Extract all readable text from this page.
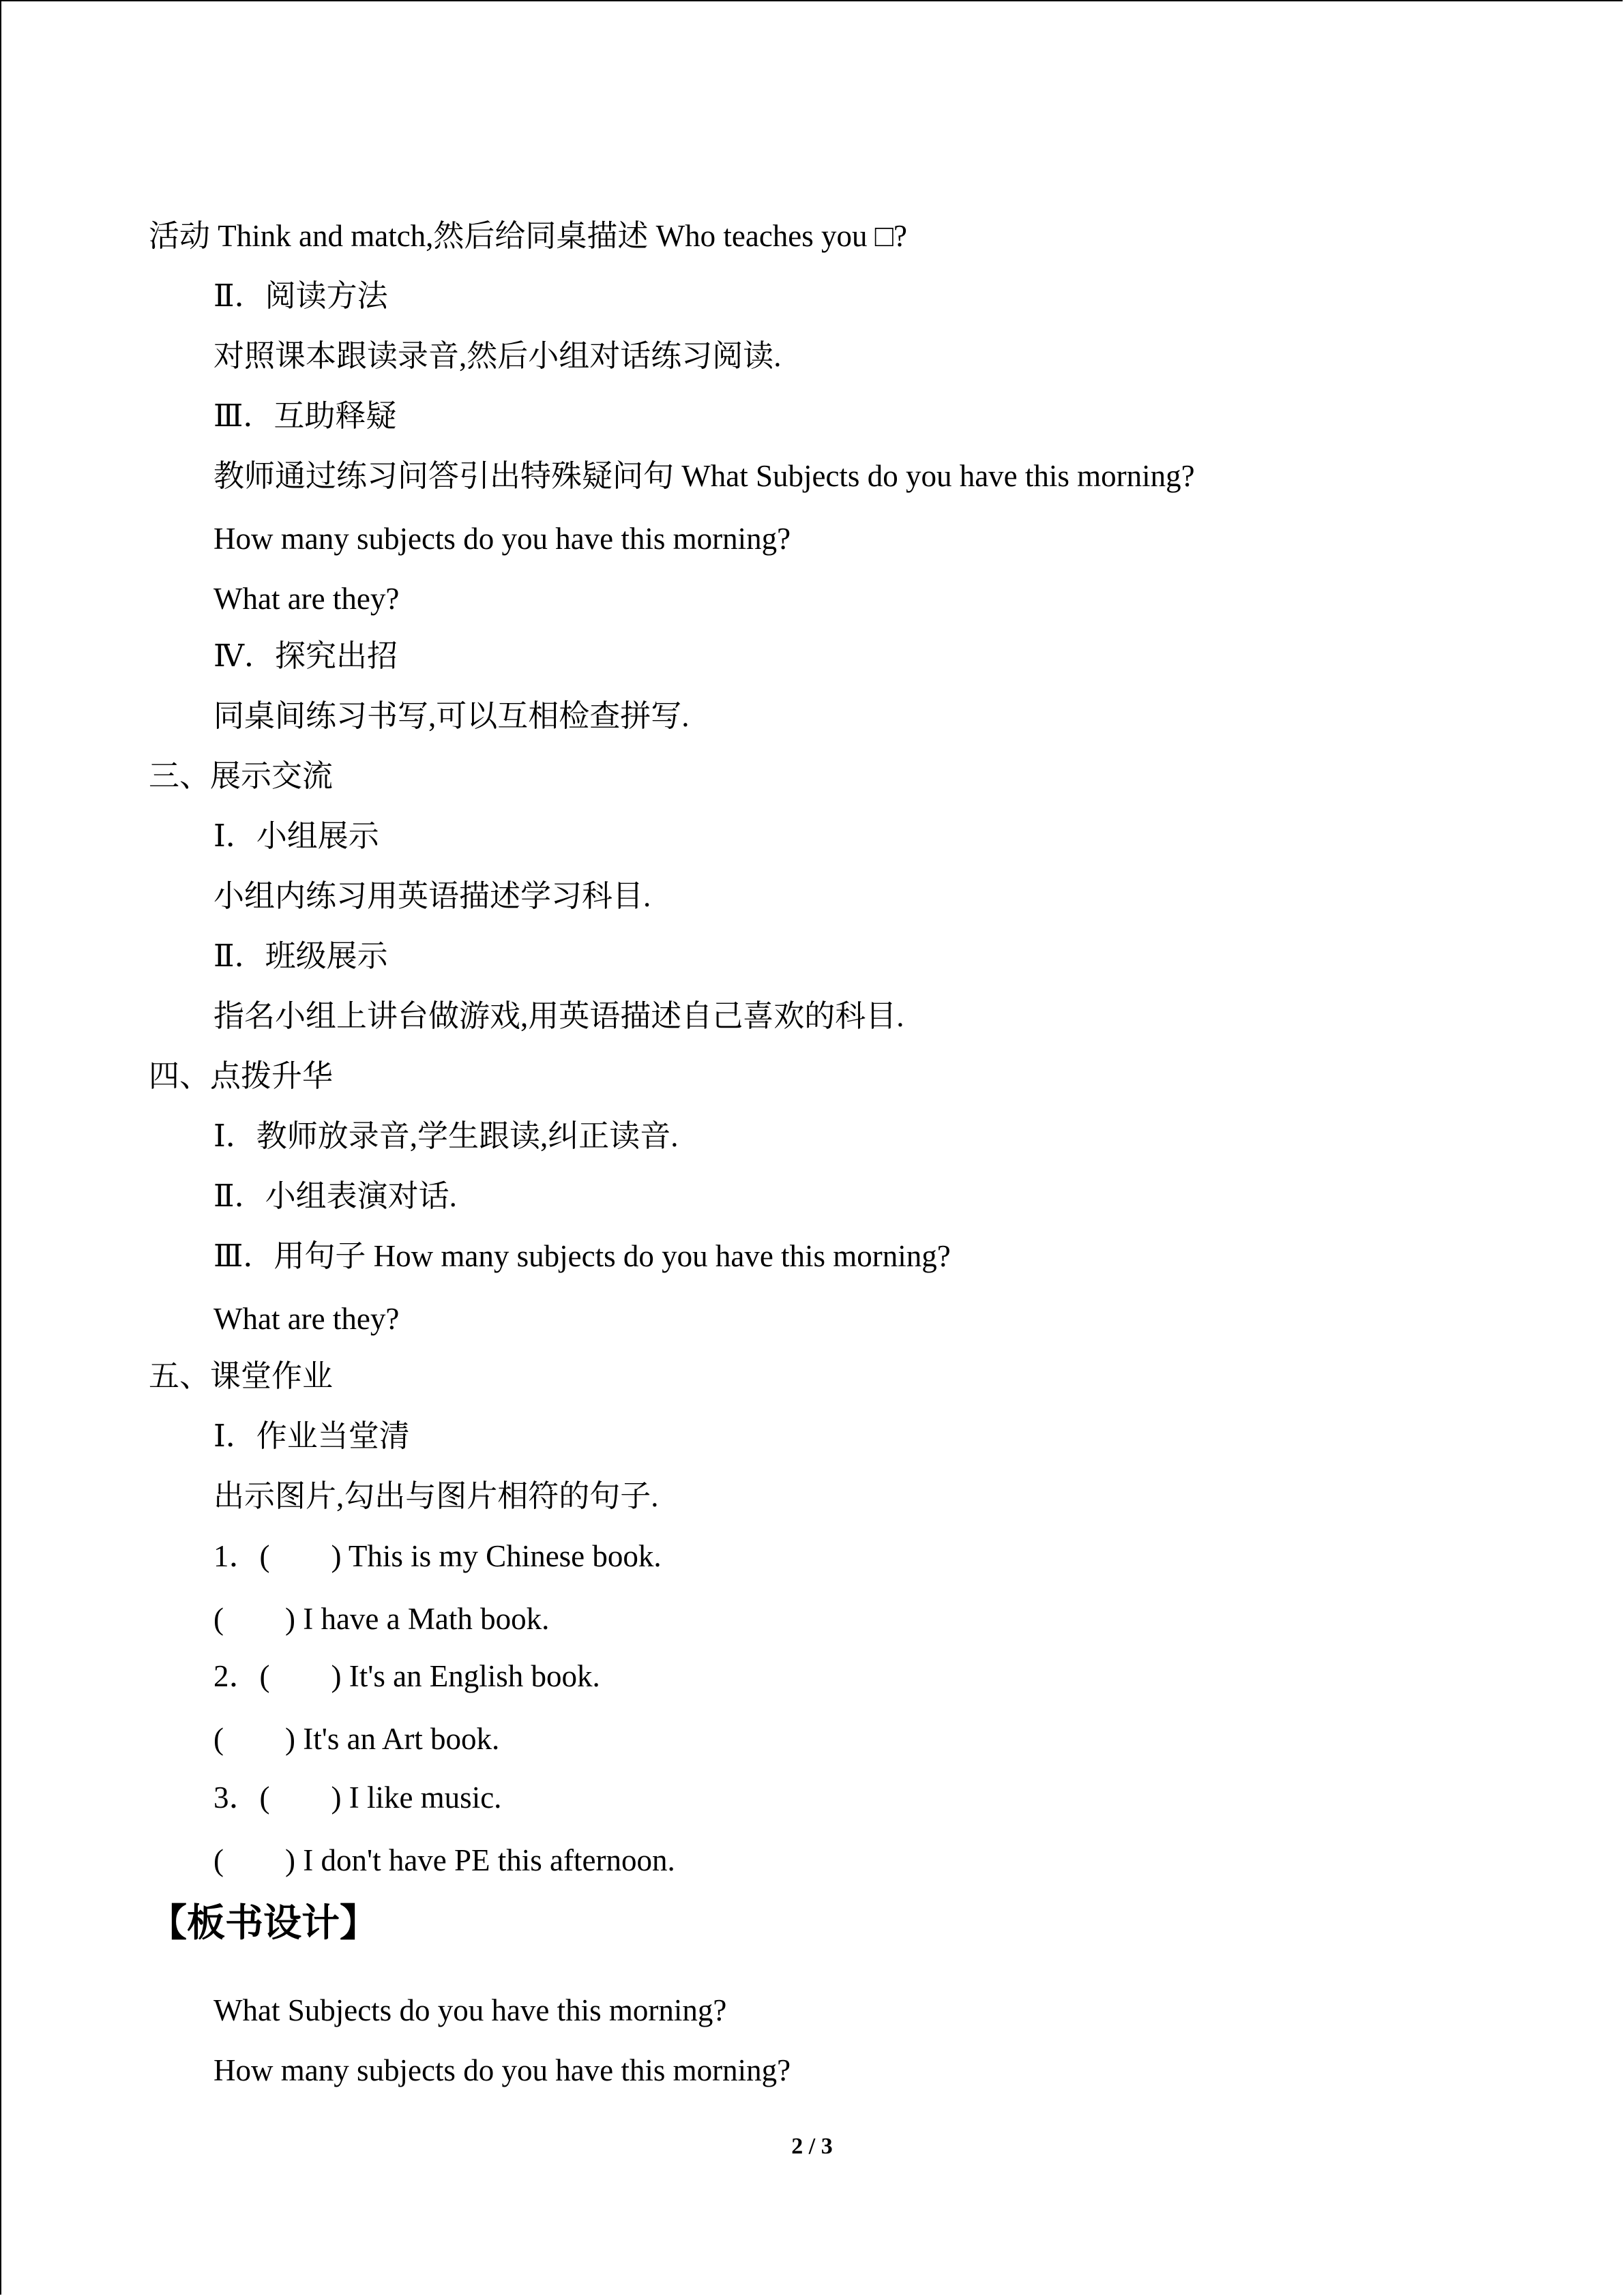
活动 Think and match,然后给同桌描述 Who teaches you □?
Ⅱ．阅读方法
对照课本跟读录音,然后小组对话练习阅读.
Ⅲ．互助释疑
教师通过练习问答引出特殊疑问句 What Subjects do you have this morning?
How many subjects do you have this morning?
What are they?
Ⅳ．探究出招
同桌间练习书写,可以互相检查拼写.
三、展示交流
Ⅰ．小组展示
小组内练习用英语描述学习科目.
Ⅱ．班级展示
指名小组上讲台做游戏,用英语描述自己喜欢的科目.
四、点拨升华
Ⅰ．教师放录音,学生跟读,纠正读音.
Ⅱ．小组表演对话.
Ⅲ．用句子 How many subjects do you have this morning?
What are they?
五、课堂作业
Ⅰ．作业当堂清
出示图片,勾出与图片相符的句子.
1．(　　) This is my Chinese book.
(　　) I have a Math book.
2．(　　) It's an English book.
(　　) It's an Art book.
3．(　　) I like music.
(　　) I don't have PE this afternoon.
【板书设计】
What Subjects do you have this morning?
How many subjects do you have this morning?
2 / 3
